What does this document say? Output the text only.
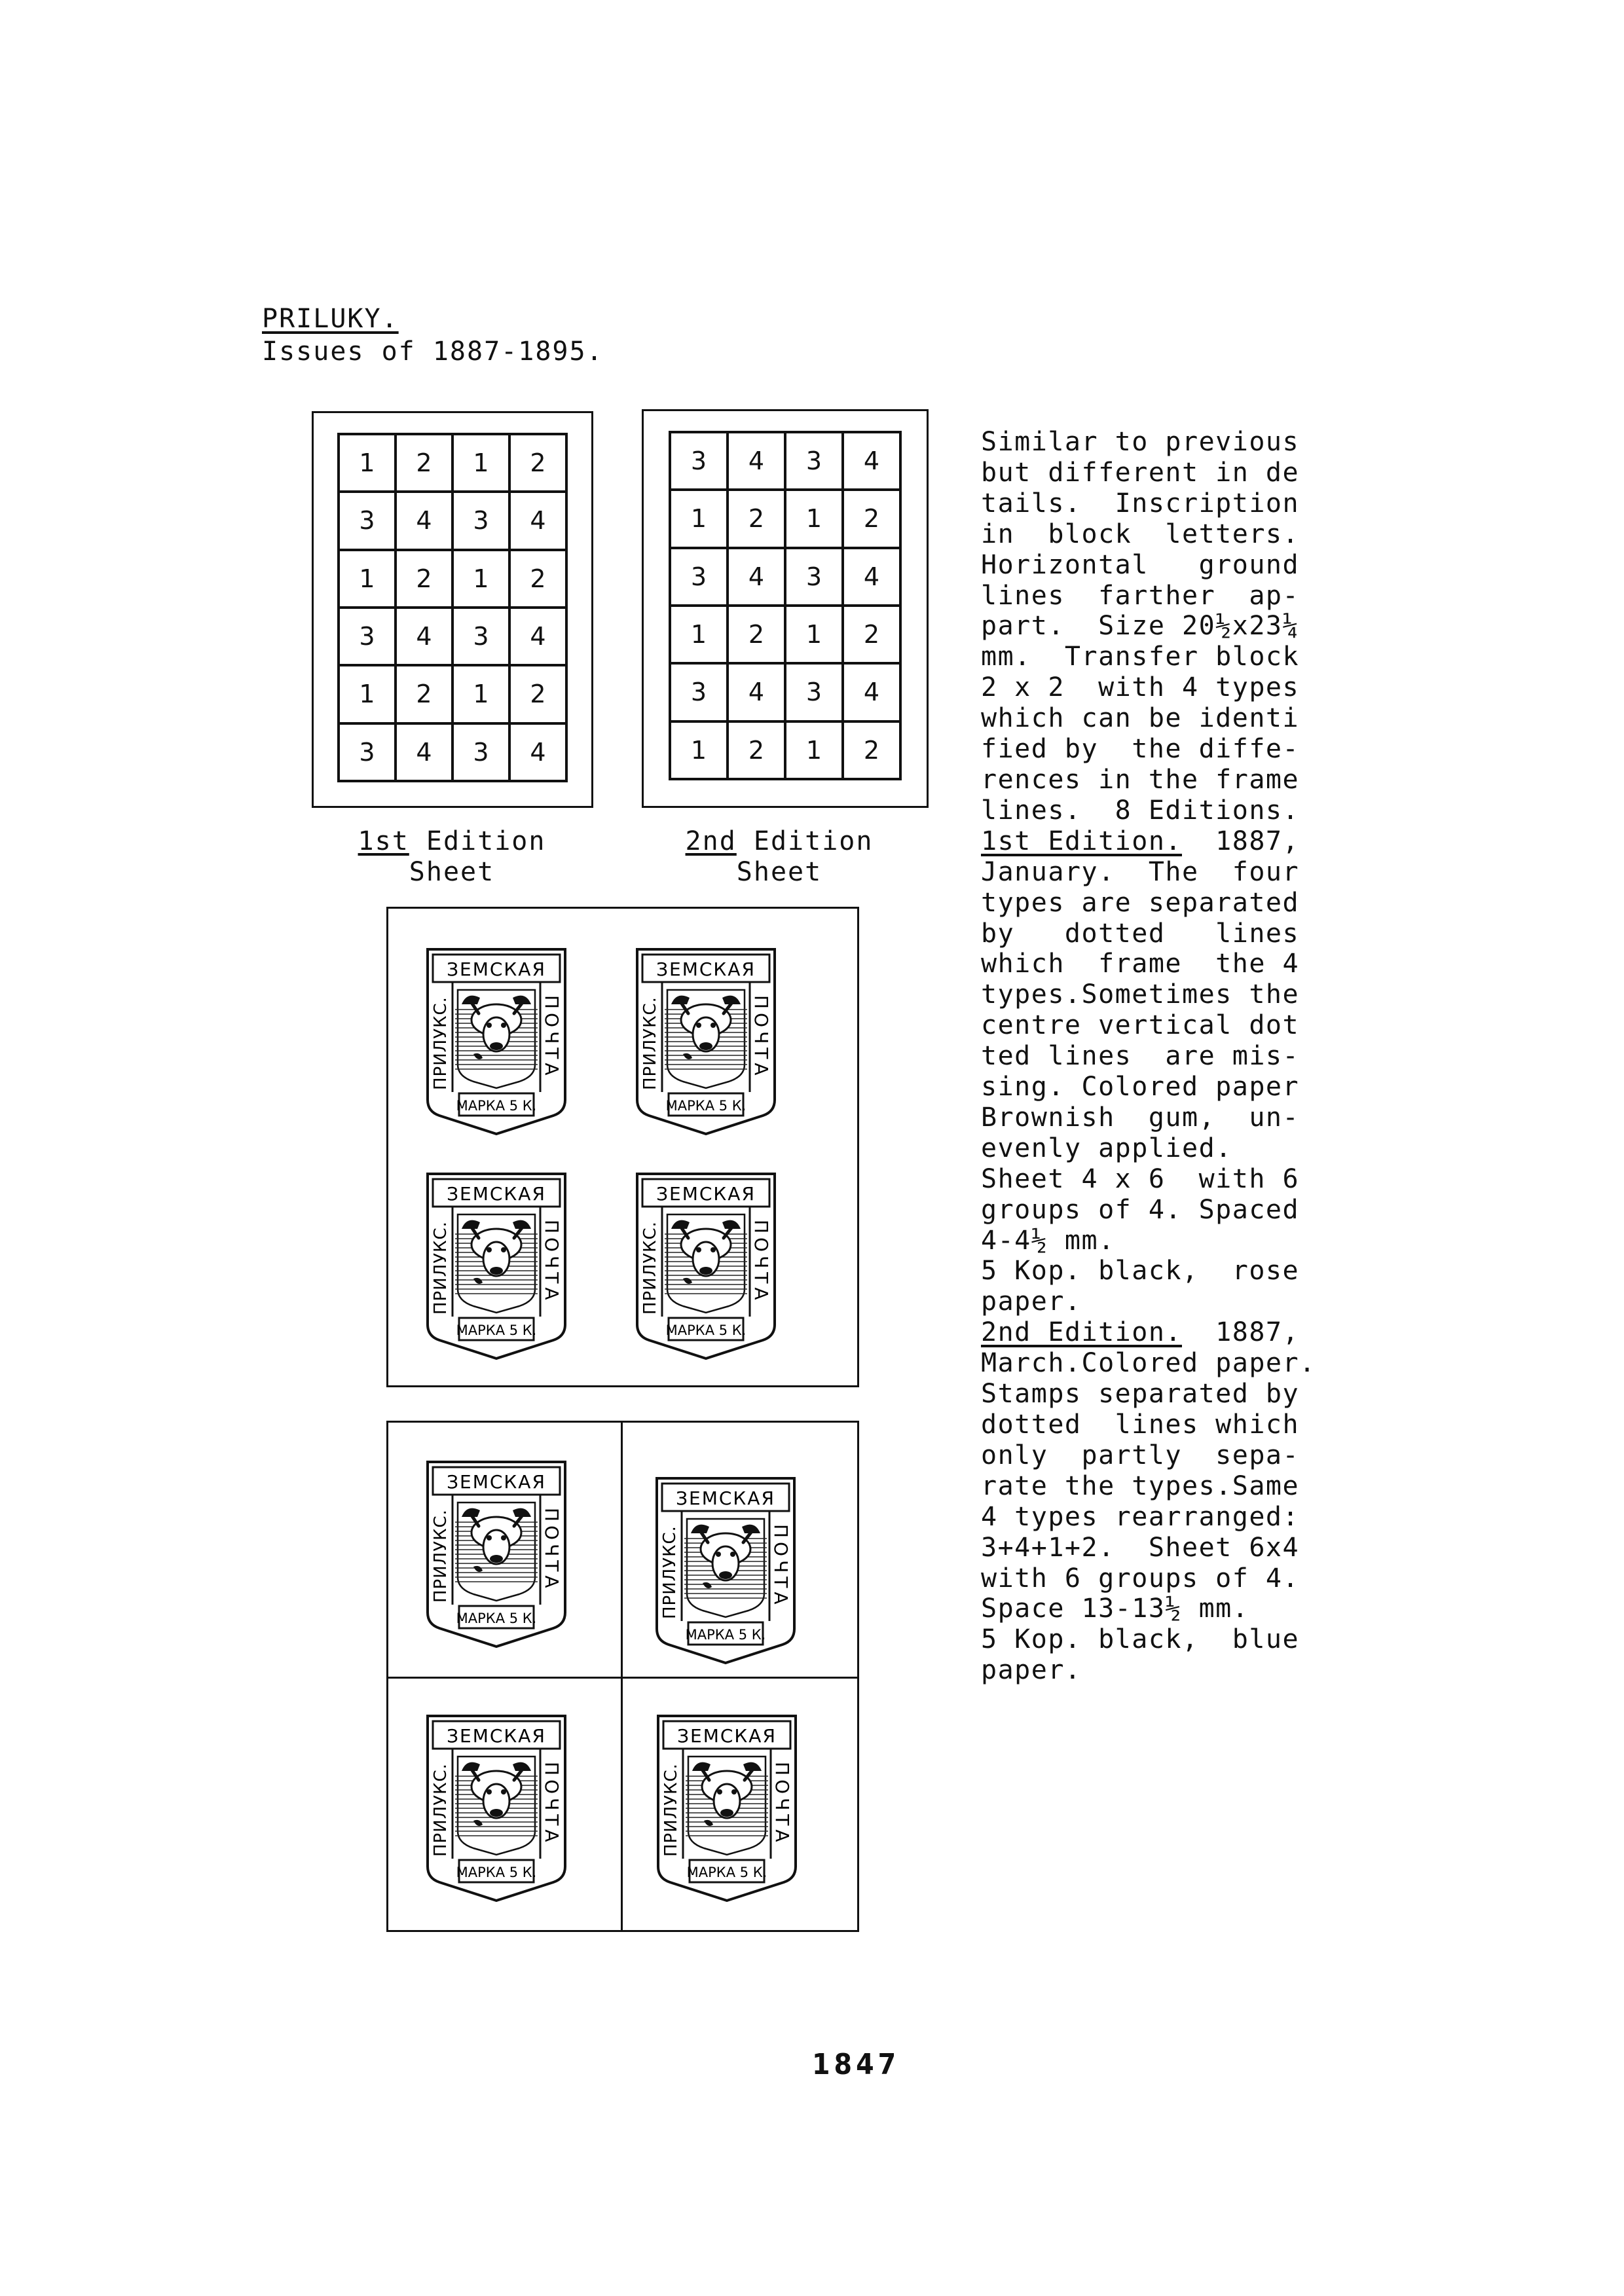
PRILUKY.
Issues of 1887-1895.
1	2	1	2
3	4	3	4
1	2	1	2
3	4	3	4
1	2	1	2
3	4	3	4
3	4	3	4
1	2	1	2
3	4	3	4
1	2	1	2
3	4	3	4
1	2	1	2
1st Edition
Sheet
2nd Edition
Sheet
ЗЕМСКАЯ
ПРИЛУКС.	ПОЧТА
МАРКА 5 К.
ЗЕМСКАЯ
ПРИЛУКС.	ПОЧТА
МАРКА 5 К.
ЗЕМСКАЯ
ПРИЛУКС.	ПОЧТА
МАРКА 5 К.
ЗЕМСКАЯ
ПРИЛУКС.	ПОЧТА
МАРКА 5 К.
ЗЕМСКАЯ
ПРИЛУКС.	ПОЧТА
МАРКА 5 К.
ЗЕМСКАЯ
ПРИЛУКС.	ПОЧТА
МАРКА 5 К.
ЗЕМСКАЯ
ПРИЛУКС.	ПОЧТА
МАРКА 5 К.
ЗЕМСКАЯ
ПРИЛУКС.	ПОЧТА
МАРКА 5 К.
Similar to previous
but different in de
tails.  Inscription
in  block  letters.
Horizontal   ground
lines  farther  ap-
part.  Size 20½x23¼
mm.  Transfer block
2 x 2  with 4 types
which can be identi
fied by  the diffe-
rences in the frame
lines.  8 Editions.
1st Edition.  1887,
January.  The  four
types are separated
by   dotted   lines
which  frame  the 4
types.Sometimes the
centre vertical dot
ted lines  are mis-
sing. Colored paper
Brownish  gum,  un-
evenly applied.
Sheet 4 x 6  with 6
groups of 4. Spaced
4-4½ mm.
5 Kop. black,  rose
paper.
2nd Edition.  1887,
March.Colored paper.
Stamps separated by
dotted  lines which
only  partly  sepa-
rate the types.Same
4 types rearranged:
3+4+1+2.  Sheet 6x4
with 6 groups of 4.
Space 13-13½ mm.
5 Kop. black,  blue
paper.
1847
